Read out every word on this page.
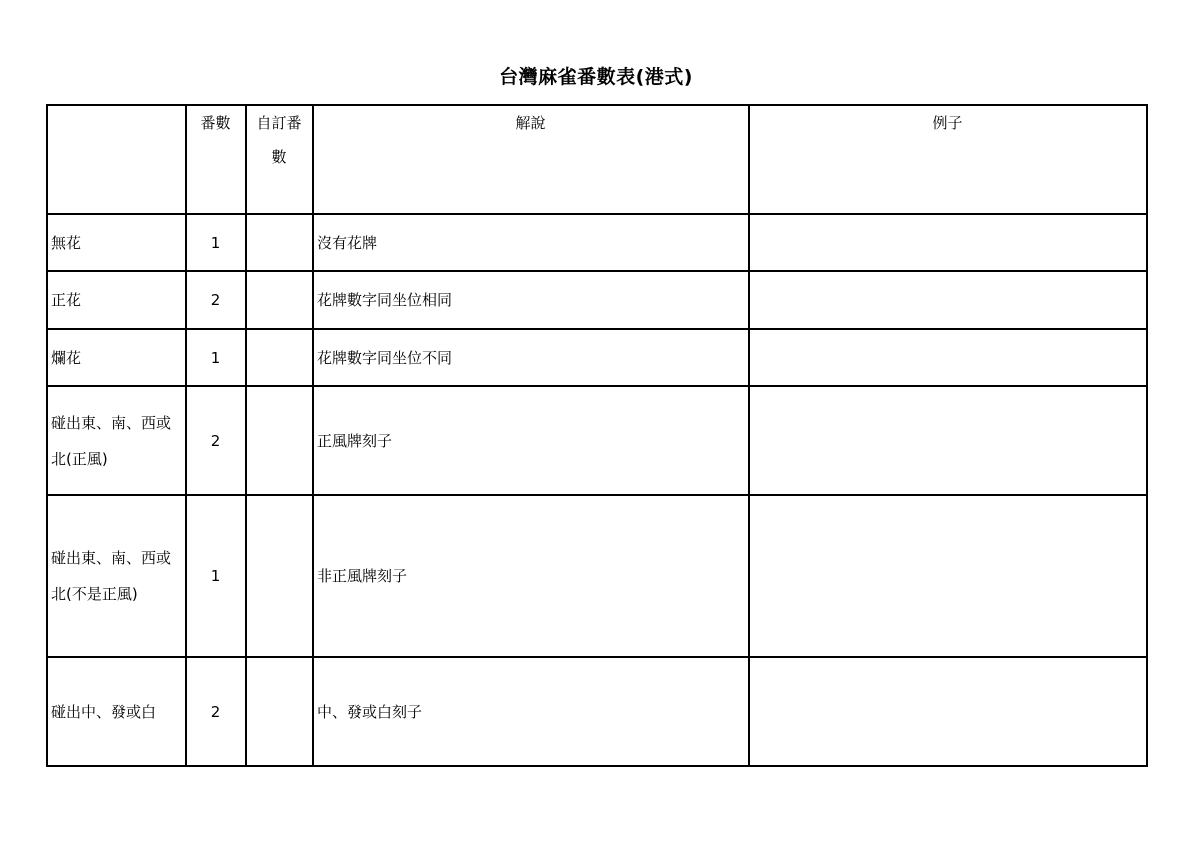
台灣麻雀番數表(港式)
	番數	自訂番數	解說	例子
無花	1		沒有花牌	
正花	2		花牌數字同坐位相同	
爛花	1		花牌數字同坐位不同	
碰出東、南、西或北(正風)	2		正風牌刻子	
碰出東、南、西或北(不是正風)	1		非正風牌刻子	
碰出中、發或白	2		中、發或白刻子	
